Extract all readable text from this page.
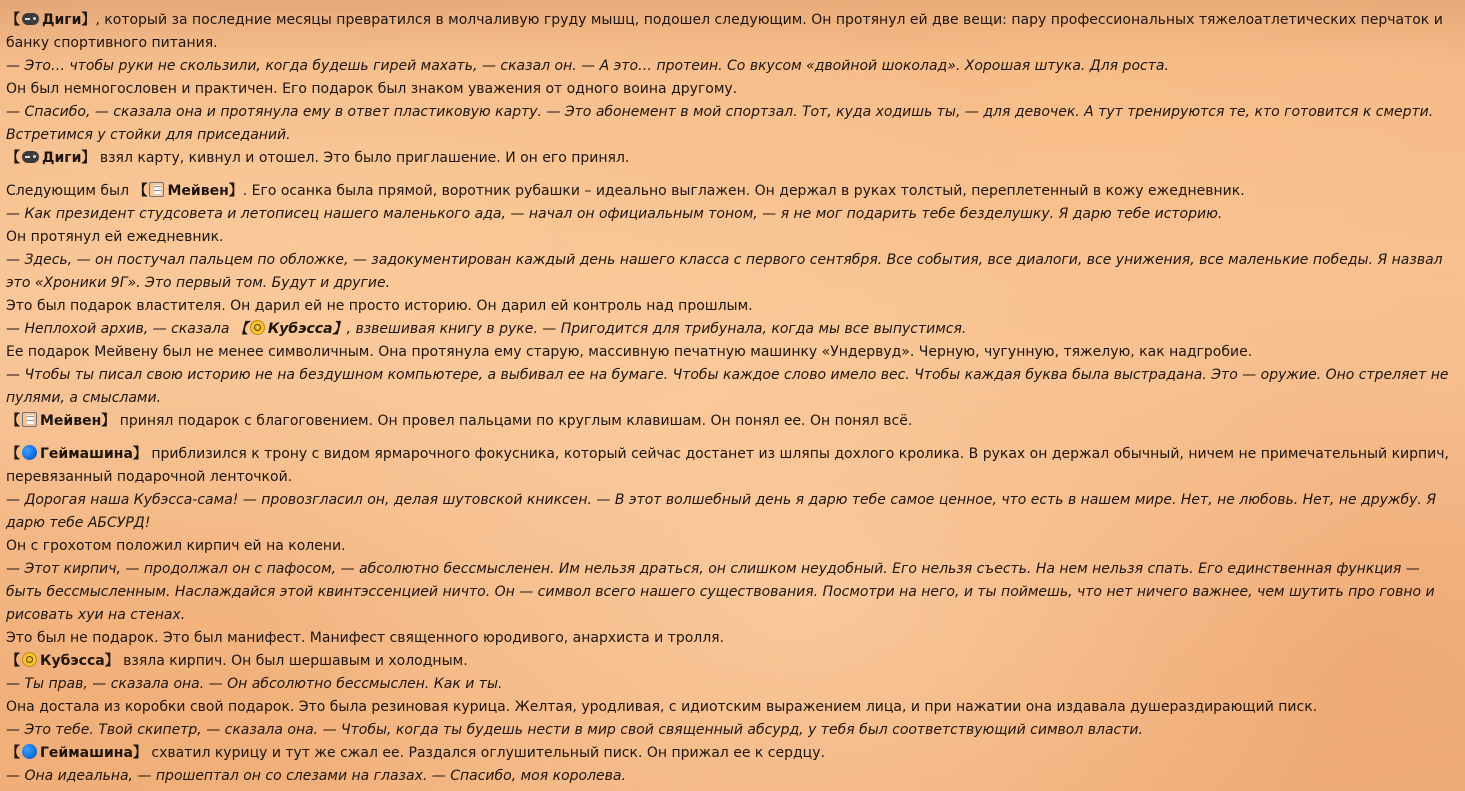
【 Диги】, который за последние месяцы превратился в молчаливую груду мышц, подошел следующим. Он протянул ей две вещи: пару профессиональных тяжелоатлетических перчаток и банку спортивного питания.

— Это… чтобы руки не скользили, когда будешь гирей махать, — сказал он. — А это… протеин. Со вкусом «двойной шоколад». Хорошая штука. Для роста.

Он был немногословен и практичен. Его подарок был знаком уважения от одного воина другому.

— Спасибо, — сказала она и протянула ему в ответ пластиковую карту. — Это абонемент в мой спортзал. Тот, куда ходишь ты, — для девочек. А тут тренируются те, кто готовится к смерти. Встретимся у стойки для приседаний.

【 Диги】 взял карту, кивнул и отошел. Это было приглашение. И он его принял.

Следующим был 【 Мейвен】. Его осанка была прямой, воротник рубашки – идеально выглажен. Он держал в руках толстый, переплетенный в кожу ежедневник.

— Как президент студсовета и летописец нашего маленького ада, — начал он официальным тоном, — я не мог подарить тебе безделушку. Я дарю тебе историю.

Он протянул ей ежедневник.

— Здесь, — он постучал пальцем по обложке, — задокументирован каждый день нашего класса с первого сентября. Все события, все диалоги, все унижения, все маленькие победы. Я назвал это «Хроники 9Г». Это первый том. Будут и другие.

Это был подарок властителя. Он дарил ей не просто историю. Он дарил ей контроль над прошлым.

— Неплохой архив, — сказала 【 Кубэсса】, взвешивая книгу в руке. — Пригодится для трибунала, когда мы все выпустимся.

Ее подарок Мейвену был не менее символичным. Она протянула ему старую, массивную печатную машинку «Ундервуд». Черную, чугунную, тяжелую, как надгробие.

— Чтобы ты писал свою историю не на бездушном компьютере, а выбивал ее на бумаге. Чтобы каждое слово имело вес. Чтобы каждая буква была выстрадана. Это — оружие. Оно стреляет не пулями, а смыслами.

【 Мейвен】 принял подарок с благоговением. Он провел пальцами по круглым клавишам. Он понял ее. Он понял всё.

【 Геймашина】 приблизился к трону с видом ярмарочного фокусника, который сейчас достанет из шляпы дохлого кролика. В руках он держал обычный, ничем не примечательный кирпич, перевязанный подарочной ленточкой.

— Дорогая наша Кубэсса-сама! — провозгласил он, делая шутовской книксен. — В этот волшебный день я дарю тебе самое ценное, что есть в нашем мире. Нет, не любовь. Нет, не дружбу. Я дарю тебе АБСУРД!

Он с грохотом положил кирпич ей на колени.

— Этот кирпич, — продолжал он с пафосом, — абсолютно бессмысленен. Им нельзя драться, он слишком неудобный. Его нельзя съесть. На нем нельзя спать. Его единственная функция — быть бессмысленным. Наслаждайся этой квинтэссенцией ничто. Он — символ всего нашего существования. Посмотри на него, и ты поймешь, что нет ничего важнее, чем шутить про говно и рисовать хуи на стенах.

Это был не подарок. Это был манифест. Манифест священного юродивого, анархиста и тролля.

【 Кубэсса】 взяла кирпич. Он был шершавым и холодным.

— Ты прав, — сказала она. — Он абсолютно бессмыслен. Как и ты.

Она достала из коробки свой подарок. Это была резиновая курица. Желтая, уродливая, с идиотским выражением лица, и при нажатии она издавала душераздирающий писк.

— Это тебе. Твой скипетр, — сказала она. — Чтобы, когда ты будешь нести в мир свой священный абсурд, у тебя был соответствующий символ власти.

【 Геймашина】 схватил курицу и тут же сжал ее. Раздался оглушительный писк. Он прижал ее к сердцу.

— Она идеальна, — прошептал он со слезами на глазах. — Спасибо, моя королева.
